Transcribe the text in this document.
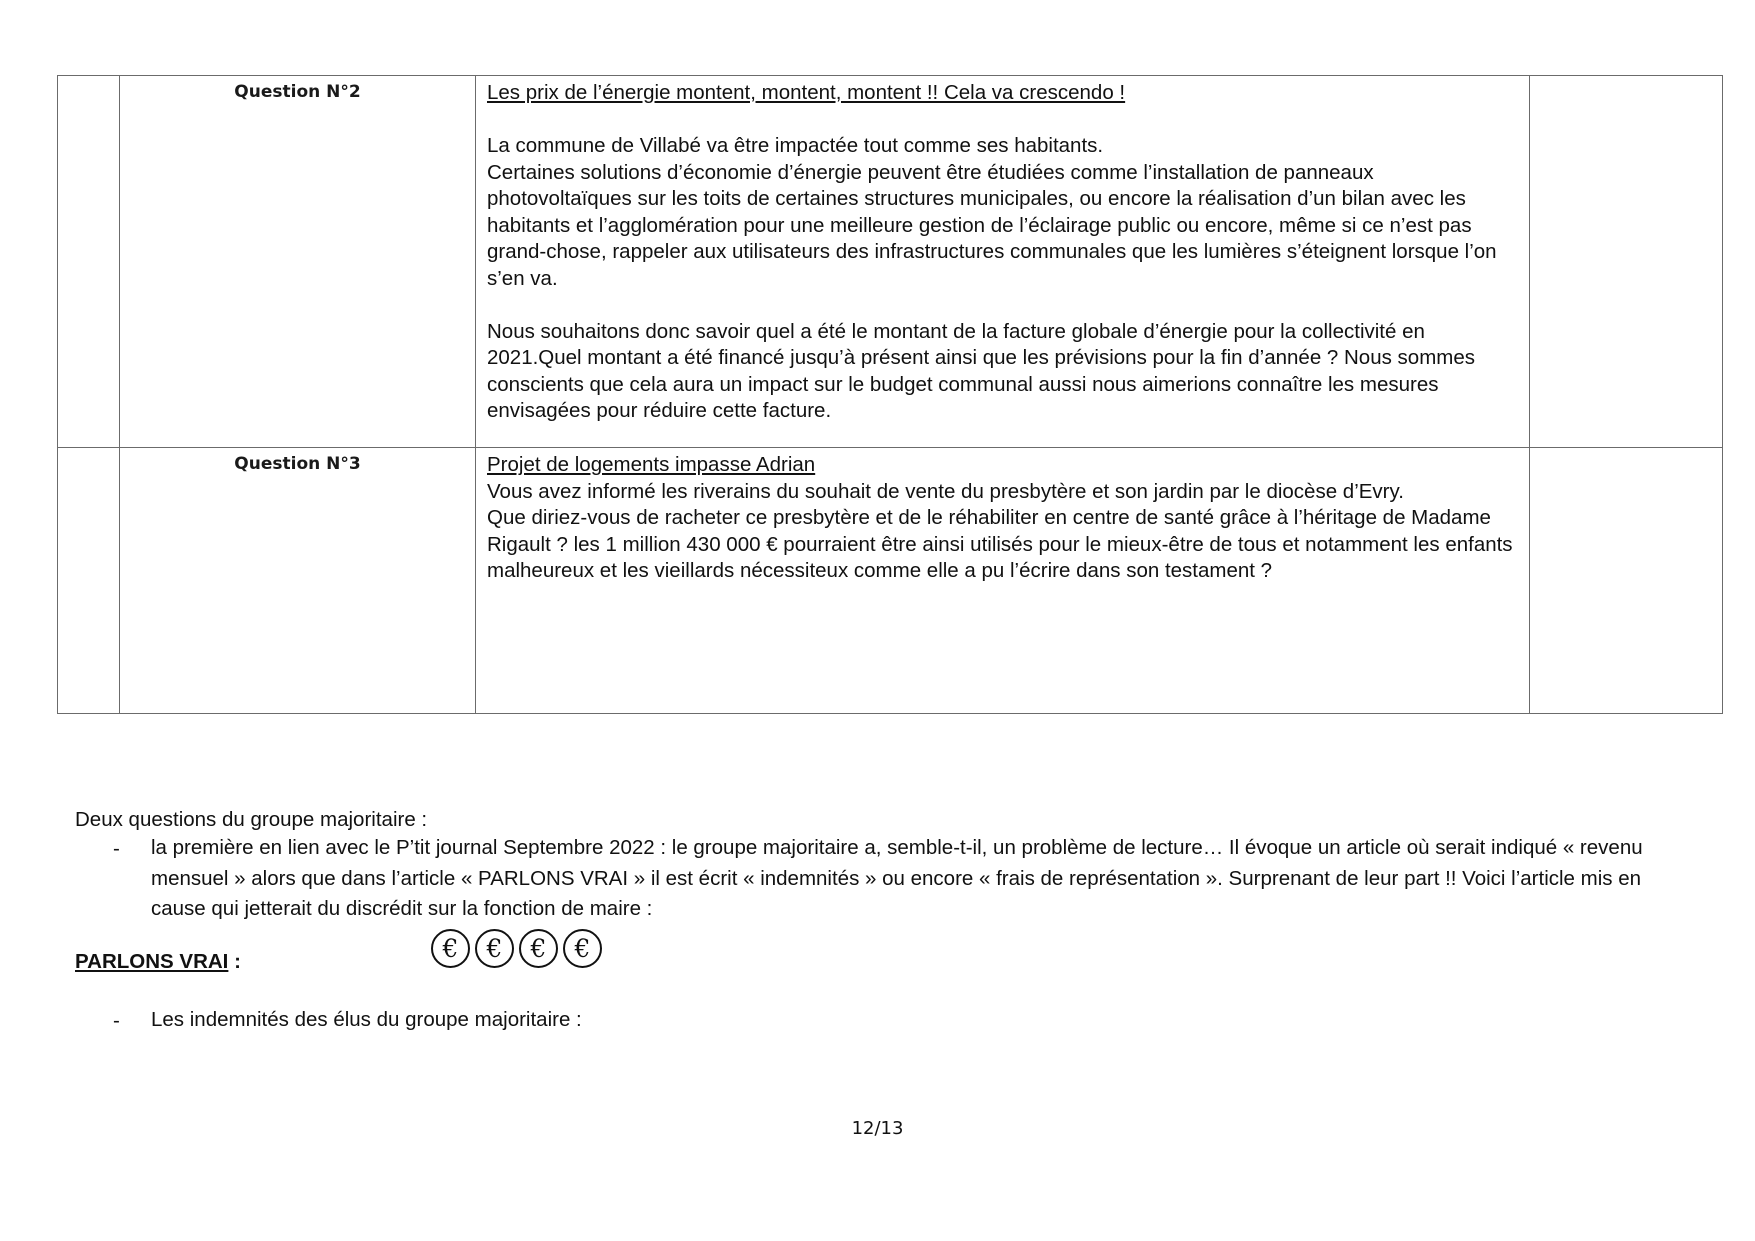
	Question N°2	Les prix de l’énergie montent, montent, montent !! Cela va crescendo !

La commune de Villabé va être impactée tout comme ses habitants.

Certaines solutions d’économie d’énergie peuvent être étudiées comme l’installation de panneaux photovoltaïques sur les toits de certaines structures municipales, ou encore la réalisation d’un bilan avec les habitants et l’agglomération pour une meilleure gestion de l’éclairage public ou encore, même si ce n’est pas grand-chose, rappeler aux utilisateurs des infrastructures communales que les lumières s’éteignent lorsque l’on s’en va.

Nous souhaitons donc savoir quel a été le montant de la facture globale d’énergie pour la collectivité en 2021.Quel montant a été financé jusqu’à présent ainsi que les prévisions pour la fin d’année ? Nous sommes conscients que cela aura un impact sur le budget communal aussi nous aimerions connaître les mesures envisagées pour réduire cette facture.	

	Question N°3	Projet de logements impasse Adrian

Vous avez informé les riverains du souhait de vente du presbytère et son jardin par le diocèse d’Evry.

Que diriez-vous de racheter ce presbytère et de le réhabiliter en centre de santé grâce à l’héritage de Madame Rigault ? les 1 million 430 000 € pourraient être ainsi utilisés pour le mieux-être de tous et notamment les enfants malheureux et les vieillards nécessiteux comme elle a pu l’écrire dans son testament ?	

Deux questions du groupe majoritaire :
- la première en lien avec le P’tit journal Septembre 2022 : le groupe majoritaire a, semble-t-il, un problème de lecture… Il évoque un article où serait indiqué « revenu mensuel » alors que dans l’article « PARLONS VRAI » il est écrit « indemnités » ou encore « frais de représentation ». Surprenant de leur part !! Voici l’article mis en cause qui jetterait du discrédit sur la fonction de maire :
PARLONS VRAI :	€	€	€	€
- Les indemnités des élus du groupe majoritaire :
12/13
